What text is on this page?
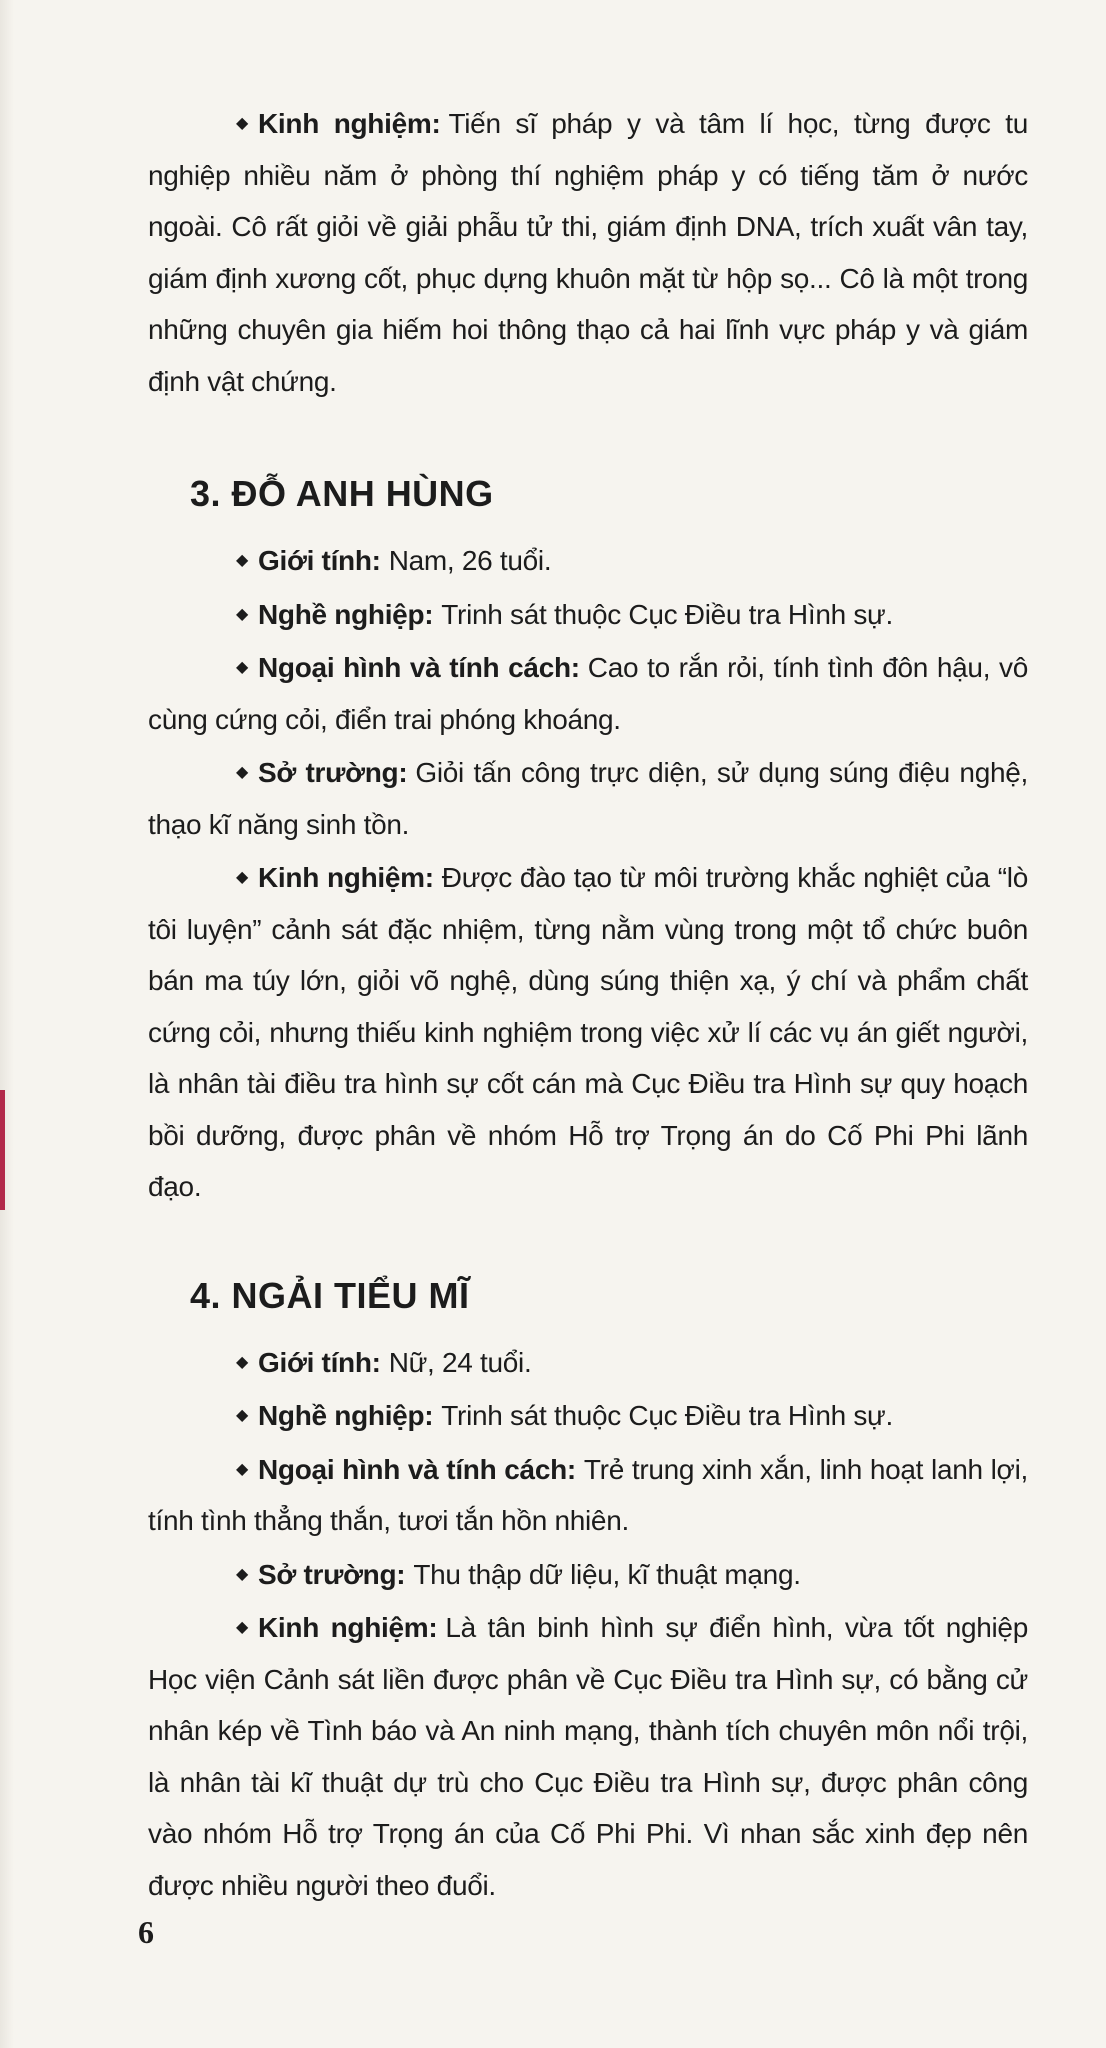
◆ Kinh nghiệm: Tiến sĩ pháp y và tâm lí học, từng được tu nghiệp nhiều năm ở phòng thí nghiệm pháp y có tiếng tăm ở nước ngoài. Cô rất giỏi về giải phẫu tử thi, giám định DNA, trích xuất vân tay, giám định xương cốt, phục dựng khuôn mặt từ hộp sọ... Cô là một trong những chuyên gia hiếm hoi thông thạo cả hai lĩnh vực pháp y và giám định vật chứng.

3. ĐỖ ANH HÙNG

◆ Giới tính: Nam, 26 tuổi.

◆ Nghề nghiệp: Trinh sát thuộc Cục Điều tra Hình sự.

◆ Ngoại hình và tính cách: Cao to rắn rỏi, tính tình đôn hậu, vô cùng cứng cỏi, điển trai phóng khoáng.

◆ Sở trường: Giỏi tấn công trực diện, sử dụng súng điệu nghệ, thạo kĩ năng sinh tồn.

◆ Kinh nghiệm: Được đào tạo từ môi trường khắc nghiệt của “lò tôi luyện” cảnh sát đặc nhiệm, từng nằm vùng trong một tổ chức buôn bán ma túy lớn, giỏi võ nghệ, dùng súng thiện xạ, ý chí và phẩm chất cứng cỏi, nhưng thiếu kinh nghiệm trong việc xử lí các vụ án giết người, là nhân tài điều tra hình sự cốt cán mà Cục Điều tra Hình sự quy hoạch bồi dưỡng, được phân về nhóm Hỗ trợ Trọng án do Cố Phi Phi lãnh đạo.

4. NGẢI TIỂU MĨ

◆ Giới tính: Nữ, 24 tuổi.

◆ Nghề nghiệp: Trinh sát thuộc Cục Điều tra Hình sự.

◆ Ngoại hình và tính cách: Trẻ trung xinh xắn, linh hoạt lanh lợi, tính tình thẳng thắn, tươi tắn hồn nhiên.

◆ Sở trường: Thu thập dữ liệu, kĩ thuật mạng.

◆ Kinh nghiệm: Là tân binh hình sự điển hình, vừa tốt nghiệp Học viện Cảnh sát liền được phân về Cục Điều tra Hình sự, có bằng cử nhân kép về Tình báo và An ninh mạng, thành tích chuyên môn nổi trội, là nhân tài kĩ thuật dự trù cho Cục Điều tra Hình sự, được phân công vào nhóm Hỗ trợ Trọng án của Cố Phi Phi. Vì nhan sắc xinh đẹp nên được nhiều người theo đuổi.

6
